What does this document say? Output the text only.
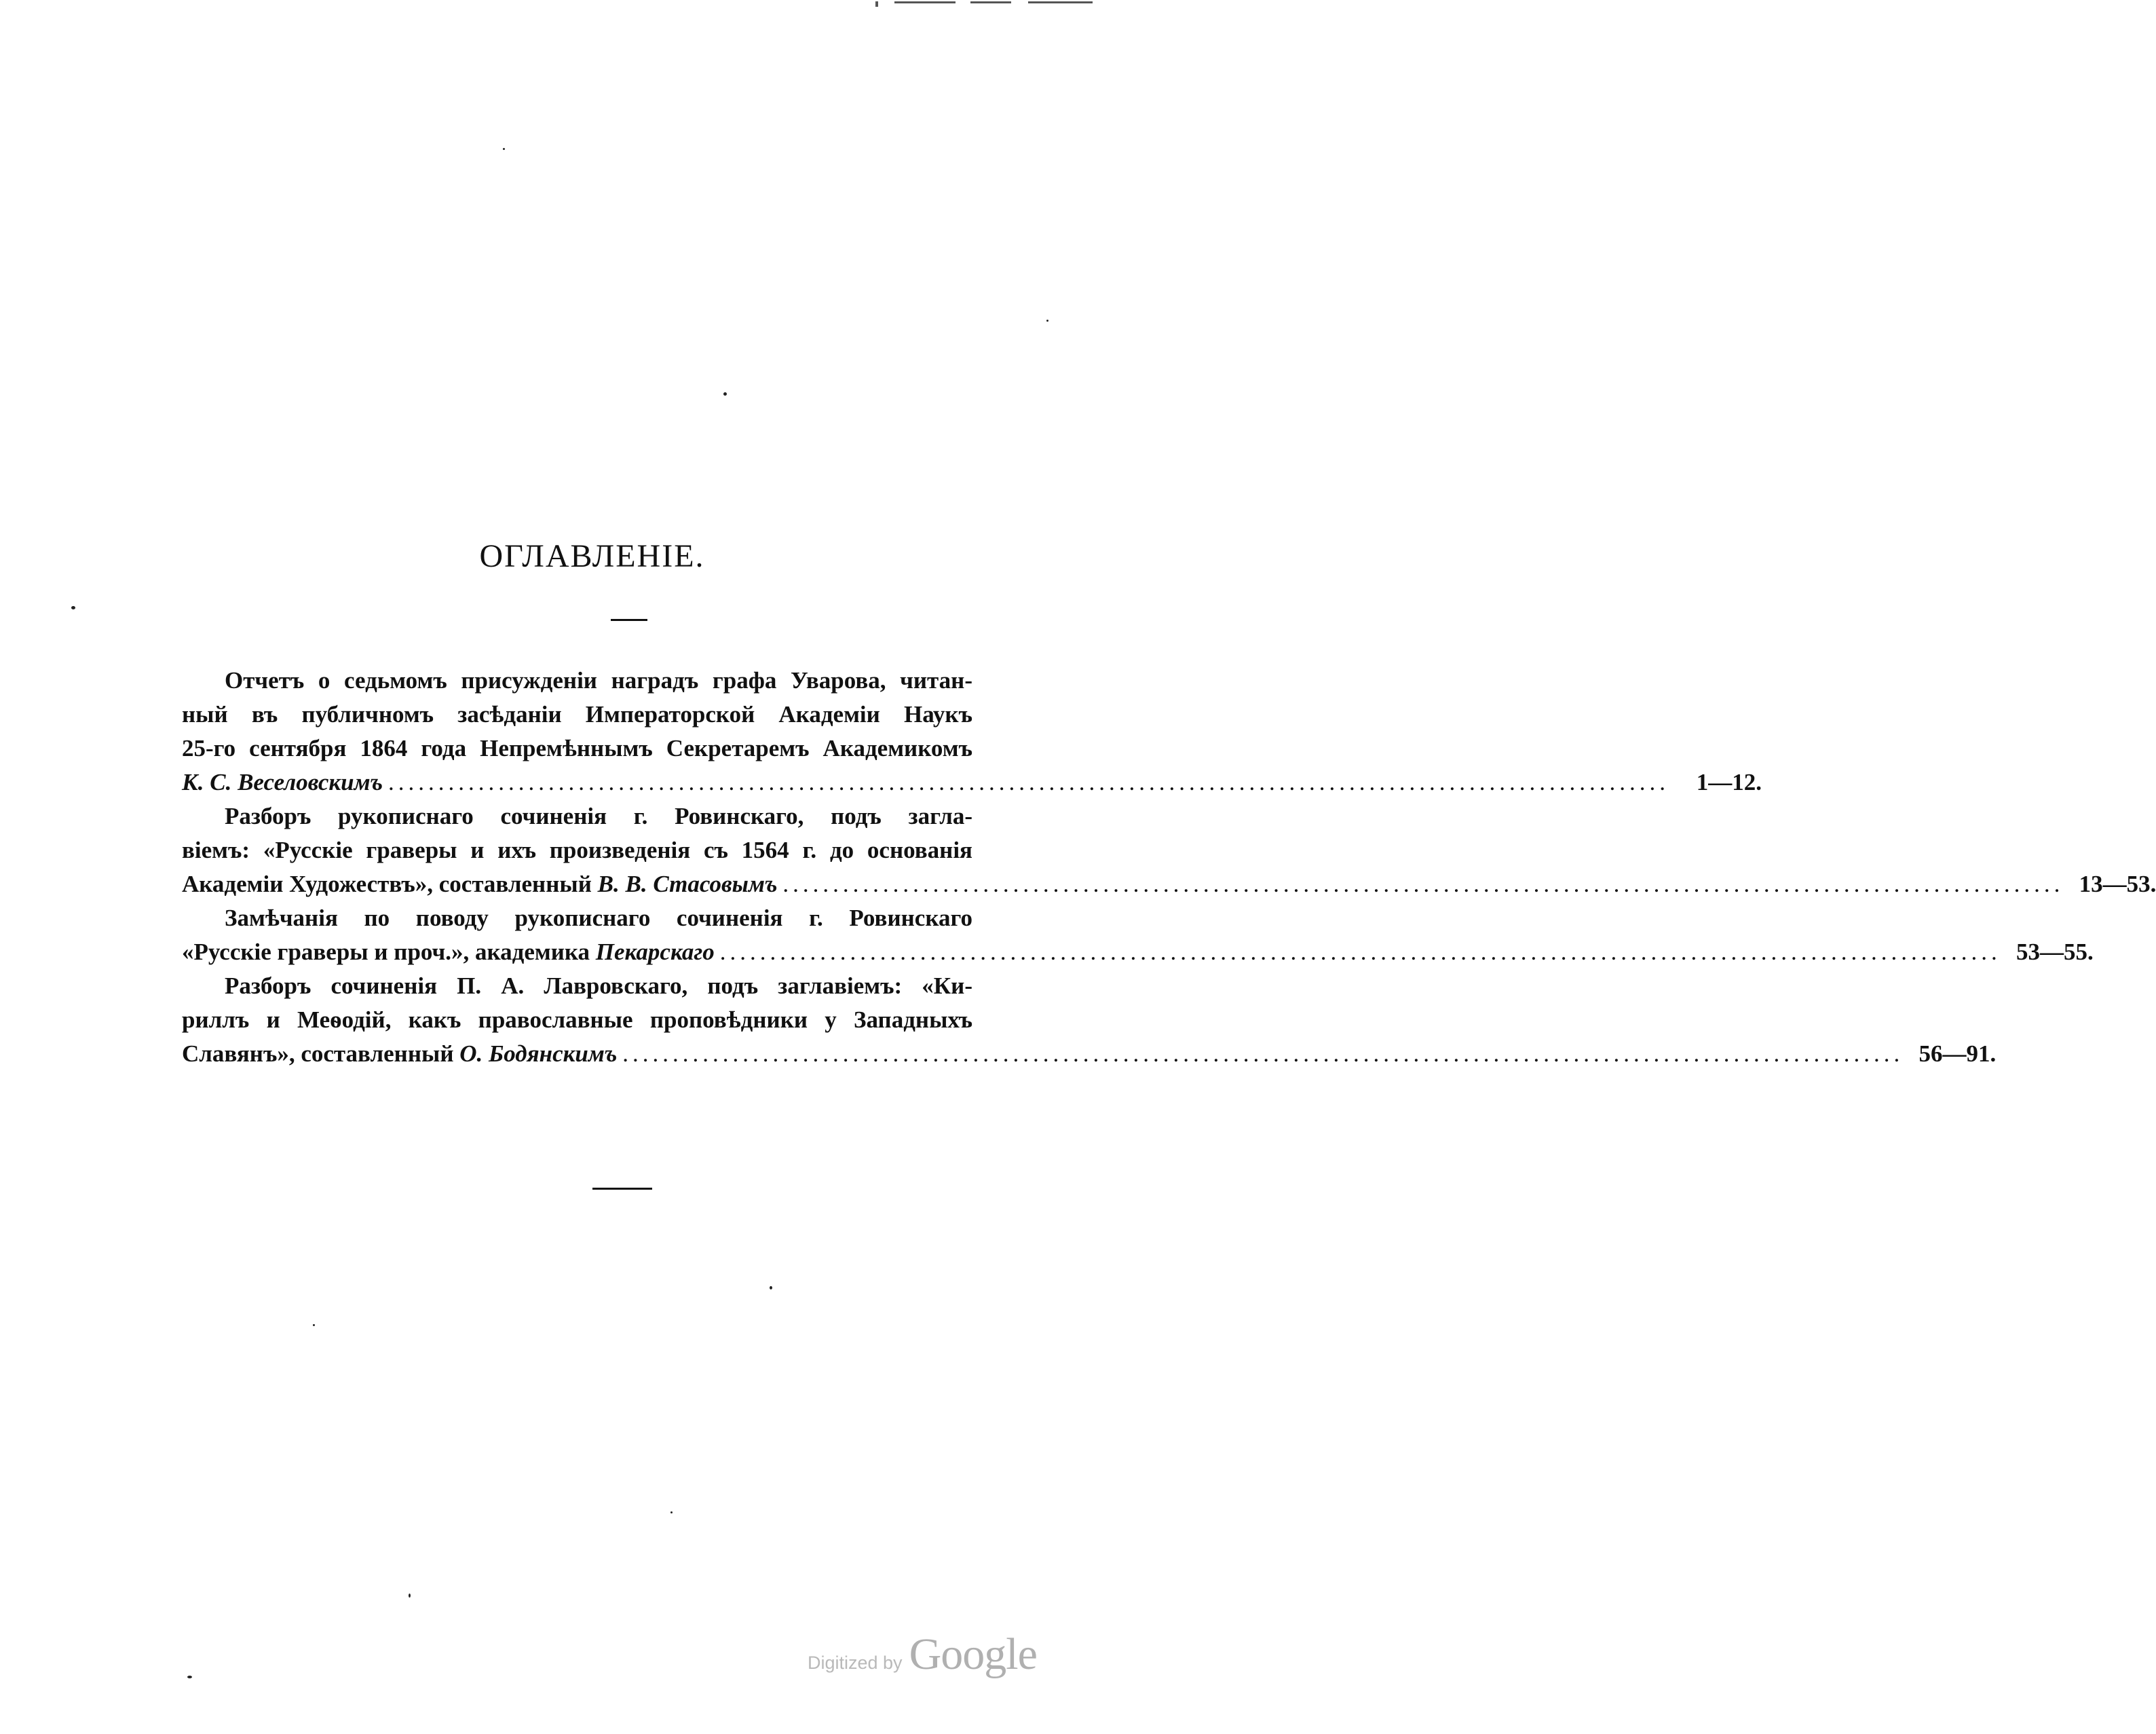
ОГЛАВЛЕНІЕ.
Отчетъ о седьмомъ присужденіи наградъ графа Уварова, читан-
ный въ публичномъ засѣданіи Императорской Академіи Наукъ
25-го сентября 1864 года Непремѣннымъ Секретаремъ Академикомъ
К. С. Веселовскимъ ................................................................................................................................	1—12.
Разборъ рукописнаго сочиненія г. Ровинскаго, подъ загла-
віемъ: «Русскіе граверы и ихъ произведенія съ 1564 г. до основанія
Академіи Художествъ», составленный В. В. Стасовымъ ................................................................................................................................ 13—53.
Замѣчанія по поводу рукописнаго сочиненія г. Ровинскаго
«Русскіе граверы и проч.», академика Пекарскаго ................................................................................................................................ 53—55.
Разборъ сочиненія П. А. Лавровскаго, подъ заглавіемъ: «Ки-
риллъ и Меѳодій, какъ православные проповѣдники у Западныхъ
Славянъ», составленный О. Бодянскимъ ................................................................................................................................ 56—91.
Digitized by Google
